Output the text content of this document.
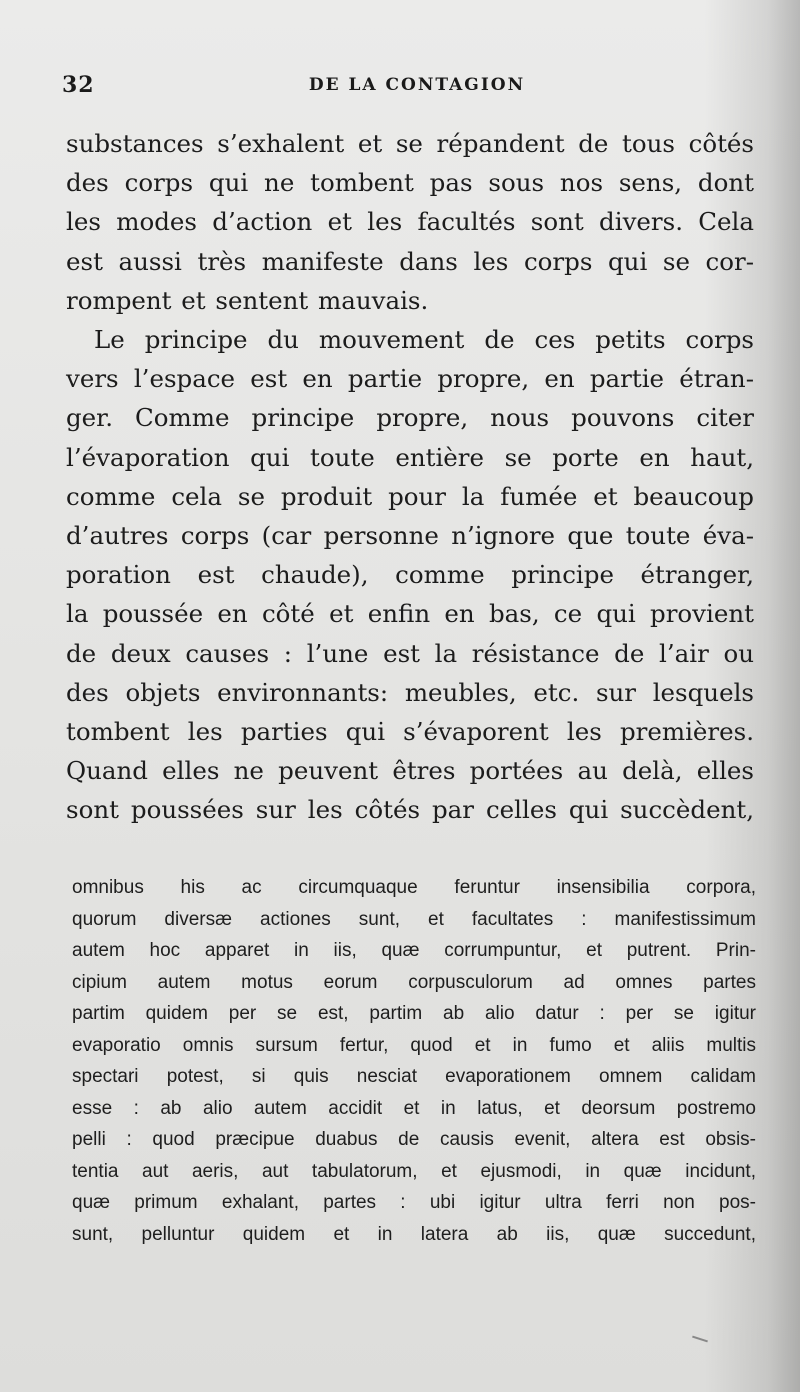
32	DE LA CONTAGION
substances s’exhalent et se répandent de tous côtés
des corps qui ne tombent pas sous nos sens, dont
les modes d’action et les facultés sont divers. Cela
est aussi très manifeste dans les corps qui se cor-
rompent et sentent mauvais.
Le principe du mouvement de ces petits corps
vers l’espace est en partie propre, en partie étran-
ger. Comme principe propre, nous pouvons citer
l’évaporation qui toute entière se porte en haut,
comme cela se produit pour la fumée et beaucoup
d’autres corps (car personne n’ignore que toute éva-
poration est chaude), comme principe étranger,
la poussée en côté et enfin en bas, ce qui provient
de deux causes : l’une est la résistance de l’air ou
des objets environnants: meubles, etc. sur lesquels
tombent les parties qui s’évaporent les premières.
Quand elles ne peuvent êtres portées au delà, elles
sont poussées sur les côtés par celles qui succèdent,
omnibus his ac circumquaque feruntur insensibilia corpora,
quorum diversæ actiones sunt, et facultates : manifestissimum
autem hoc apparet in iis, quæ corrumpuntur, et putrent. Prin-
cipium autem motus eorum corpusculorum ad omnes partes
partim quidem per se est, partim ab alio datur : per se igitur
evaporatio omnis sursum fertur, quod et in fumo et aliis multis
spectari potest, si quis nesciat evaporationem omnem calidam
esse : ab alio autem accidit et in latus, et deorsum postremo
pelli : quod præcipue duabus de causis evenit, altera est obsis-
tentia aut aeris, aut tabulatorum, et ejusmodi, in quæ incidunt,
quæ primum exhalant, partes : ubi igitur ultra ferri non pos-
sunt, pelluntur quidem et in latera ab iis, quæ succedunt,
